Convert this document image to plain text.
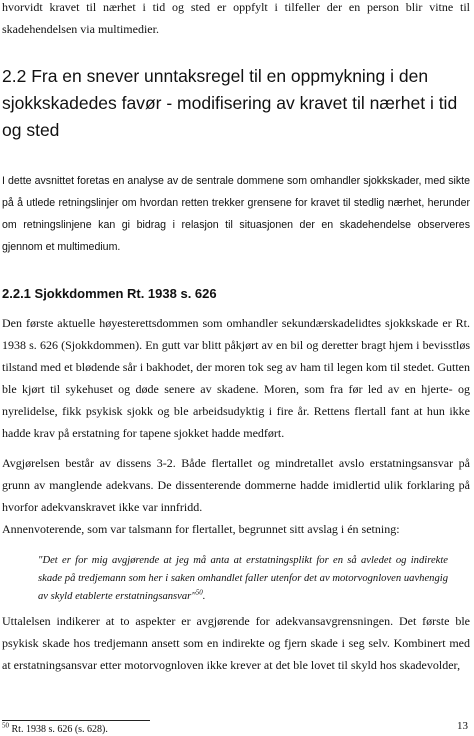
hvorvidt kravet til nærhet i tid og sted er oppfylt i tilfeller der en person blir vitne til skadehendelsen via multimedier.

2.2 Fra en snever unntaksregel til en oppmykning i den sjokkskadedes favør - modifisering av kravet til nærhet i tid og sted

I dette avsnittet foretas en analyse av de sentrale dommene som omhandler sjokkskader, med sikte på å utlede retningslinjer om hvordan retten trekker grensene for kravet til stedlig nærhet, herunder om retningslinjene kan gi bidrag i relasjon til situasjonen der en skadehendelse observeres gjennom et multimedium.

2.2.1 Sjokkdommen Rt. 1938 s. 626

Den første aktuelle høyesterettsdommen som omhandler sekundærskadelidtes sjokkskade er Rt. 1938 s. 626 (Sjokkdommen). En gutt var blitt påkjørt av en bil og deretter bragt hjem i bevisstløs tilstand med et blødende sår i bakhodet, der moren tok seg av ham til legen kom til stedet. Gutten ble kjørt til sykehuset og døde senere av skadene. Moren, som fra før led av en hjerte- og nyrelidelse, fikk psykisk sjokk og ble arbeidsudyktig i fire år. Rettens flertall fant at hun ikke hadde krav på erstatning for tapene sjokket hadde medført.

Avgjørelsen består av dissens 3-2. Både flertallet og mindretallet avslo erstatningsansvar på grunn av manglende adekvans. De dissenterende dommerne hadde imidlertid ulik forklaring på hvorfor adekvanskravet ikke var innfridd.

Annenvoterende, som var talsmann for flertallet, begrunnet sitt avslag i én setning:

"Det er for mig avgjørende at jeg må anta at erstatningsplikt for en så avledet og indirekte skade på tredjemann som her i saken omhandlet faller utenfor det av motorvognloven uavhengig av skyld etablerte erstatningsansvar"$^{50}$.

Uttalelsen indikerer at to aspekter er avgjørende for adekvansavgrensningen. Det første ble psykisk skade hos tredjemann ansett som en indirekte og fjern skade i seg selv. Kombinert med at erstatningsansvar etter motorvognloven ikke krever at det ble lovet til skyld hos skadevolder,

$^{50}$ Rt. 1938 s. 626 (s. 628).	13
